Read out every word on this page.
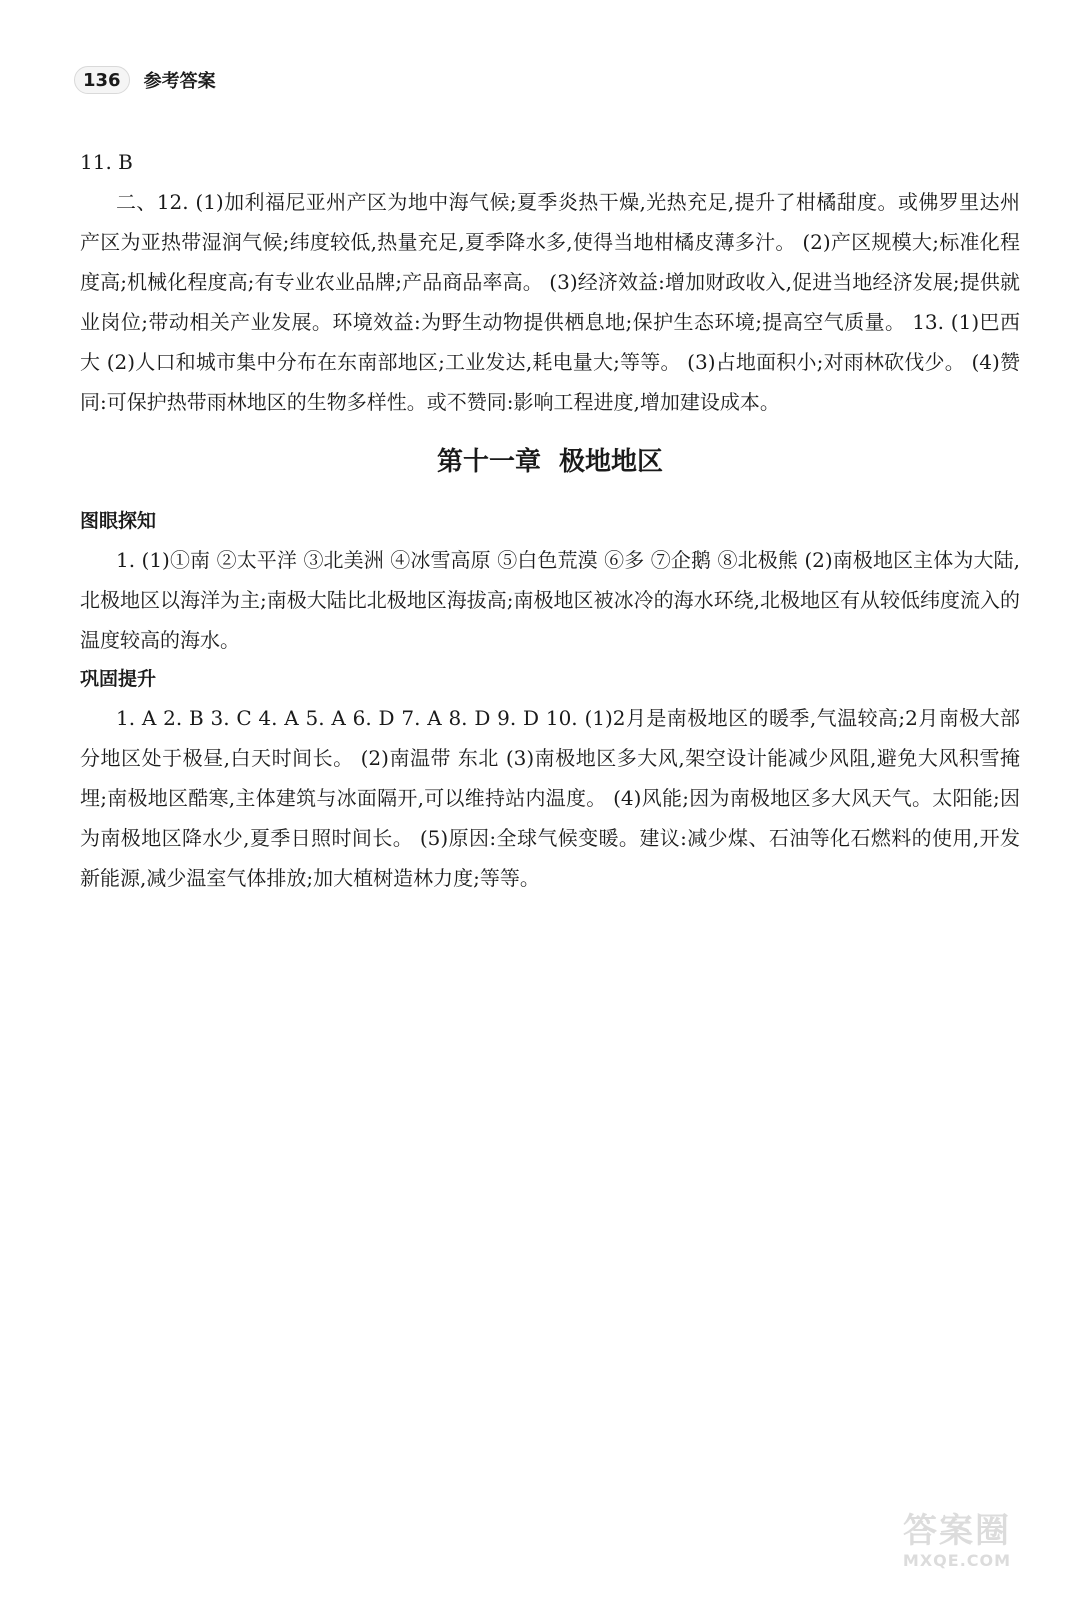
136	参考答案

11. B

二、12. (1)加利福尼亚州产区为地中海气候;夏季炎热干燥,光热充足,提升了柑橘甜度。或佛罗里达州产区为亚热带湿润气候;纬度较低,热量充足,夏季降水多,使得当地柑橘皮薄多汁。 (2)产区规模大;标准化程度高;机械化程度高;有专业农业品牌;产品商品率高。 (3)经济效益:增加财政收入,促进当地经济发展;提供就业岗位;带动相关产业发展。环境效益:为野生动物提供栖息地;保护生态环境;提高空气质量。 13. (1)巴西 大 (2)人口和城市集中分布在东南部地区;工业发达,耗电量大;等等。 (3)占地面积小;对雨林砍伐少。 (4)赞同:可保护热带雨林地区的生物多样性。或不赞同:影响工程进度,增加建设成本。

第十一章  极地地区
图眼探知

1. (1)①南 ②太平洋 ③北美洲 ④冰雪高原 ⑤白色荒漠 ⑥多 ⑦企鹅 ⑧北极熊 (2)南极地区主体为大陆,北极地区以海洋为主;南极大陆比北极地区海拔高;南极地区被冰冷的海水环绕,北极地区有从较低纬度流入的温度较高的海水。

巩固提升

1. A 2. B 3. C 4. A 5. A 6. D 7. A 8. D 9. D 10. (1)2月是南极地区的暖季,气温较高;2月南极大部分地区处于极昼,白天时间长。 (2)南温带 东北 (3)南极地区多大风,架空设计能减少风阻,避免大风积雪掩埋;南极地区酷寒,主体建筑与冰面隔开,可以维持站内温度。 (4)风能;因为南极地区多大风天气。太阳能;因为南极地区降水少,夏季日照时间长。 (5)原因:全球气候变暖。建议:减少煤、石油等化石燃料的使用,开发新能源,减少温室气体排放;加大植树造林力度;等等。

答案圈
MXQE.COM
